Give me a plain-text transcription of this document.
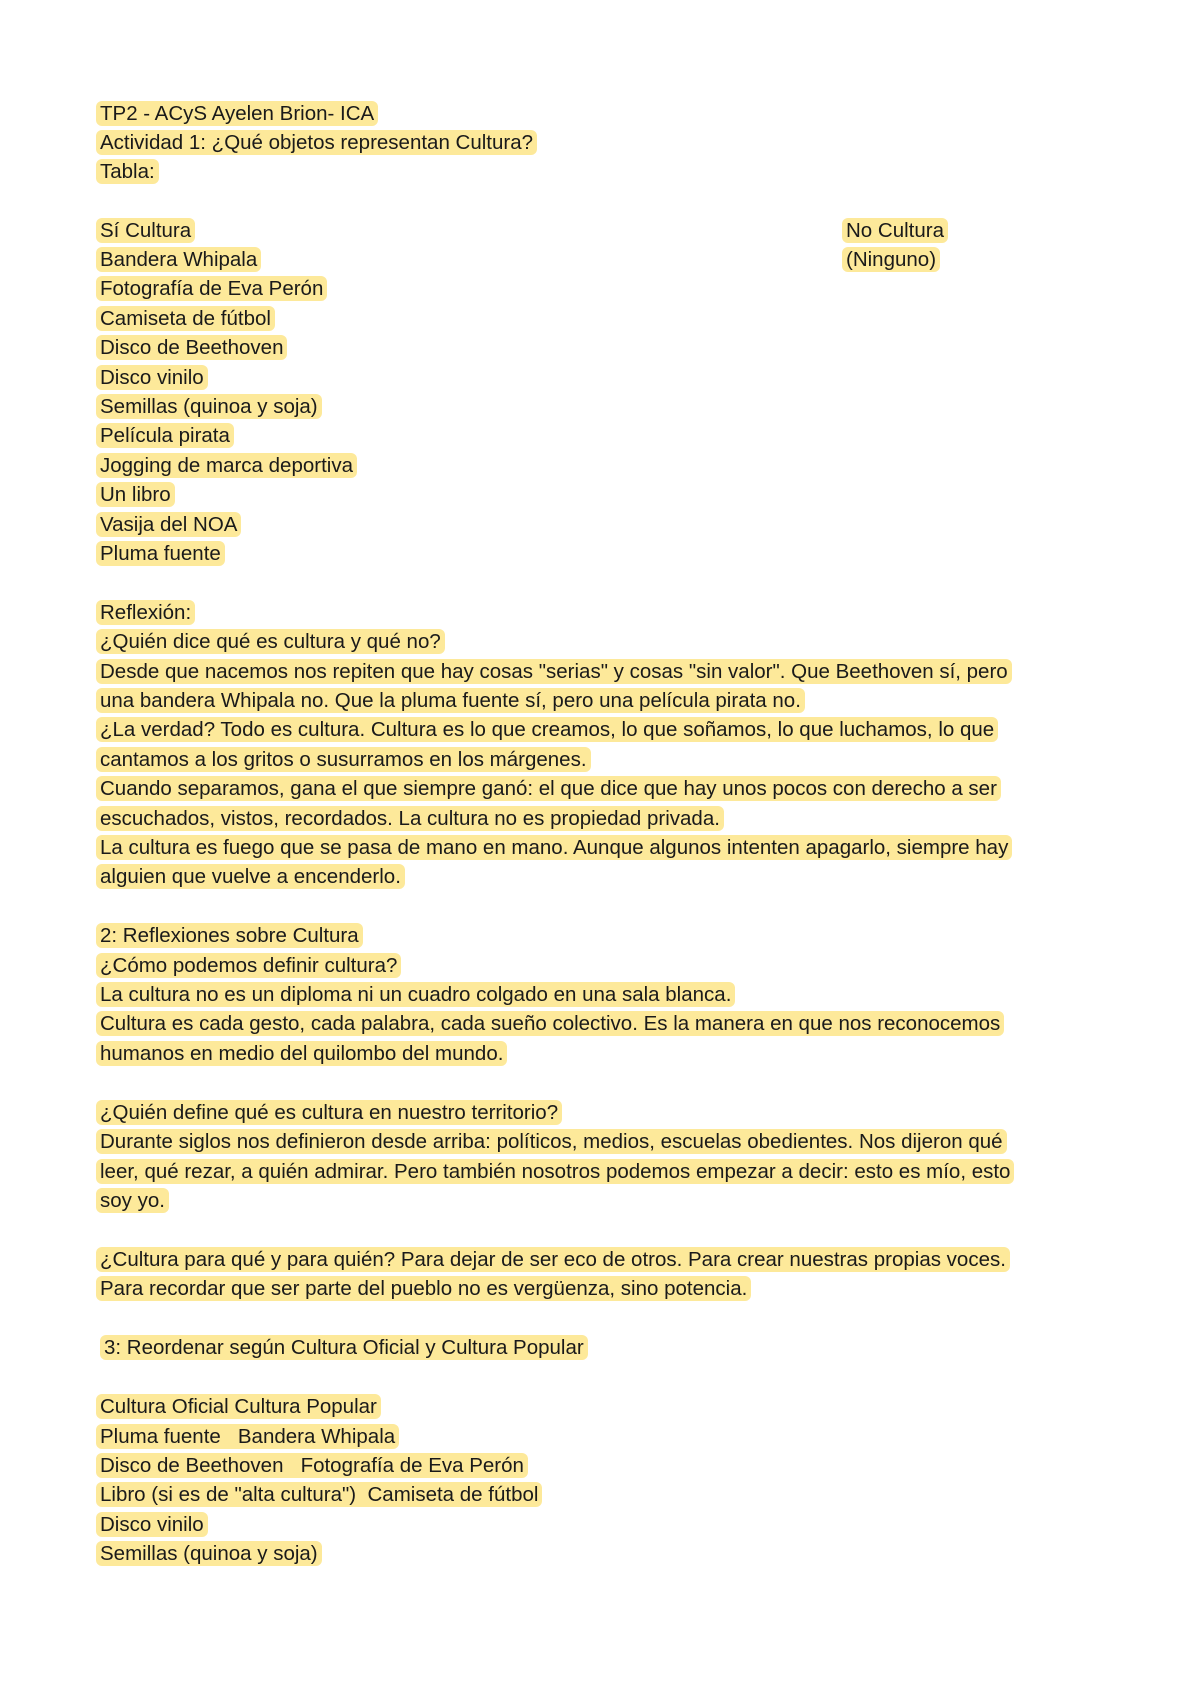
TP2 - ACyS Ayelen Brion- ICA
Actividad 1: ¿Qué objetos representan Cultura?
Tabla:
Sí Cultura	No Cultura
(Ninguno)
Bandera Whipala
Fotografía de Eva Perón
Camiseta de fútbol
Disco de Beethoven
Disco vinilo
Semillas (quinoa y soja)
Película pirata
Jogging de marca deportiva
Un libro
Vasija del NOA
Pluma fuente
Reflexión:
¿Quién dice qué es cultura y qué no?
Desde que nacemos nos repiten que hay cosas "serias" y cosas "sin valor". Que Beethoven sí, pero
una bandera Whipala no. Que la pluma fuente sí, pero una película pirata no.
¿La verdad? Todo es cultura. Cultura es lo que creamos, lo que soñamos, lo que luchamos, lo que
cantamos a los gritos o susurramos en los márgenes.
Cuando separamos, gana el que siempre ganó: el que dice que hay unos pocos con derecho a ser
escuchados, vistos, recordados. La cultura no es propiedad privada.
La cultura es fuego que se pasa de mano en mano. Aunque algunos intenten apagarlo, siempre hay
alguien que vuelve a encenderlo.
2: Reflexiones sobre Cultura
¿Cómo podemos definir cultura?
La cultura no es un diploma ni un cuadro colgado en una sala blanca.
Cultura es cada gesto, cada palabra, cada sueño colectivo. Es la manera en que nos reconocemos
humanos en medio del quilombo del mundo.
¿Quién define qué es cultura en nuestro territorio?
Durante siglos nos definieron desde arriba: políticos, medios, escuelas obedientes. Nos dijeron qué
leer, qué rezar, a quién admirar. Pero también nosotros podemos empezar a decir: esto es mío, esto
soy yo.
¿Cultura para qué y para quién? Para dejar de ser eco de otros. Para crear nuestras propias voces.
Para recordar que ser parte del pueblo no es vergüenza, sino potencia.
3: Reordenar según Cultura Oficial y Cultura Popular
Cultura Oficial Cultura Popular
Pluma fuente   Bandera Whipala
Disco de Beethoven   Fotografía de Eva Perón
Libro (si es de "alta cultura")  Camiseta de fútbol
Disco vinilo
Semillas (quinoa y soja)
